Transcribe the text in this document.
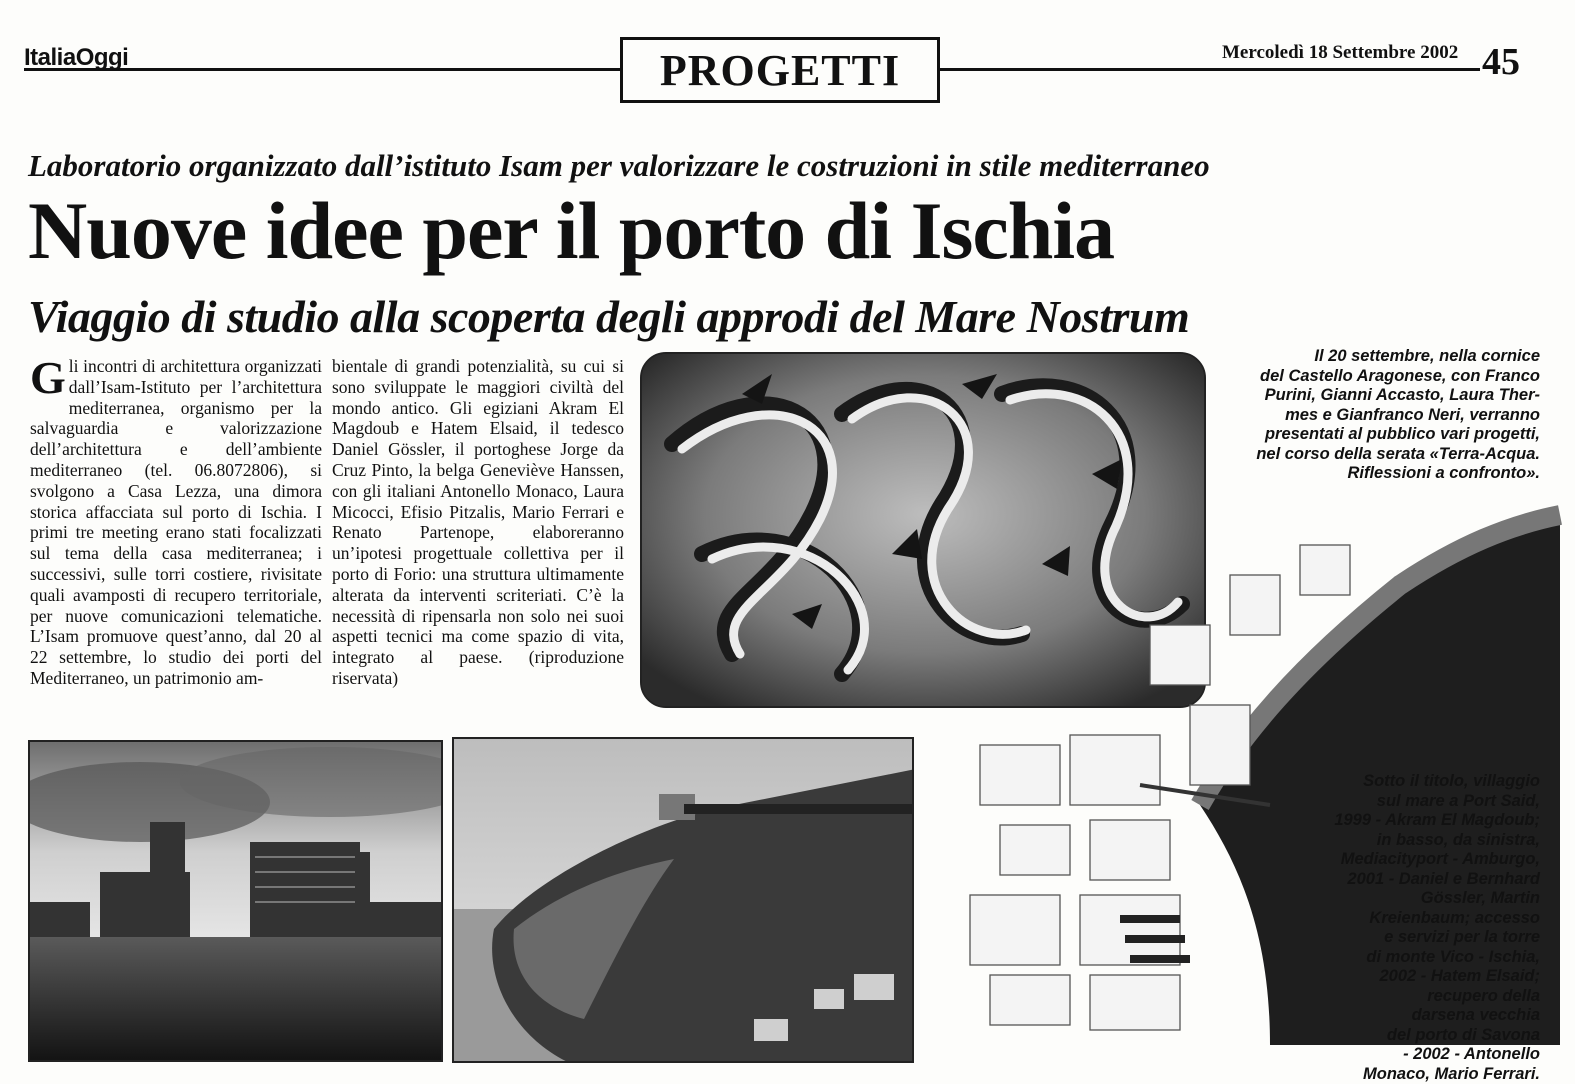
ItaliaOggi	PROGETTI	Mercoledì 18 Settembre 2002 45
Laboratorio organizzato dall’istituto Isam per valorizzare le costruzioni in stile mediterraneo
Nuove idee per il porto di Ischia
Viaggio di studio alla scoperta degli approdi del Mare Nostrum
G li incontri di architettura organizzati dall’Isam-Istituto per l’architettura mediterranea, organismo per la salvaguardia e valorizzazione dell’architettura e dell’ambiente mediterraneo (tel. 06.8072806), si svolgono a Casa Lezza, una dimora storica affacciata sul porto di Ischia. I primi tre meeting erano stati focalizzati sul tema della casa mediterranea; i successivi, sulle torri costiere, rivisitate quali avamposti di recupero territoriale, per nuove comunicazioni telematiche. L’Isam promuove quest’anno, dal 20 al 22 settembre, lo studio dei porti del Mediterraneo, un patrimonio am-

bientale di grandi potenzialità, su cui si sono sviluppate le maggiori civiltà del mondo antico. Gli egiziani Akram El Magdoub e Hatem Elsaid, il tedesco Daniel Gössler, il portoghese Jorge da Cruz Pinto, la belga Geneviève Hanssen, con gli italiani Antonello Monaco, Laura Micocci, Efisio Pitzalis, Mario Ferrari e Renato Partenope, elaboreranno un’ipotesi progettuale collettiva per il porto di Forio: una struttura ultimamente alterata da interventi scriteriati. C’è la necessità di ripensarla non solo nei suoi aspetti tecnici ma come spazio di vita, integrato al paese. (riproduzione riservata)

Il 20 settembre, nella cornice
del Castello Aragonese, con Franco
Purini, Gianni Accasto, Laura Ther-
mes e Gianfranco Neri, verranno
presentati al pubblico vari progetti,
nel corso della serata «Terra-Acqua.
Riflessioni a confronto».
Sotto il titolo, villaggio
sul mare a Port Said,
1999 - Akram El Magdoub;
in basso, da sinistra,
Mediacityport - Amburgo,
2001 - Daniel e Bernhard
Gössler, Martin
Kreienbaum; accesso
e servizi per la torre
di monte Vico - Ischia,
2002 - Hatem Elsaid;
recupero della
darsena vecchia
del porto di Savona
- 2002 - Antonello
Monaco, Mario Ferrari.
